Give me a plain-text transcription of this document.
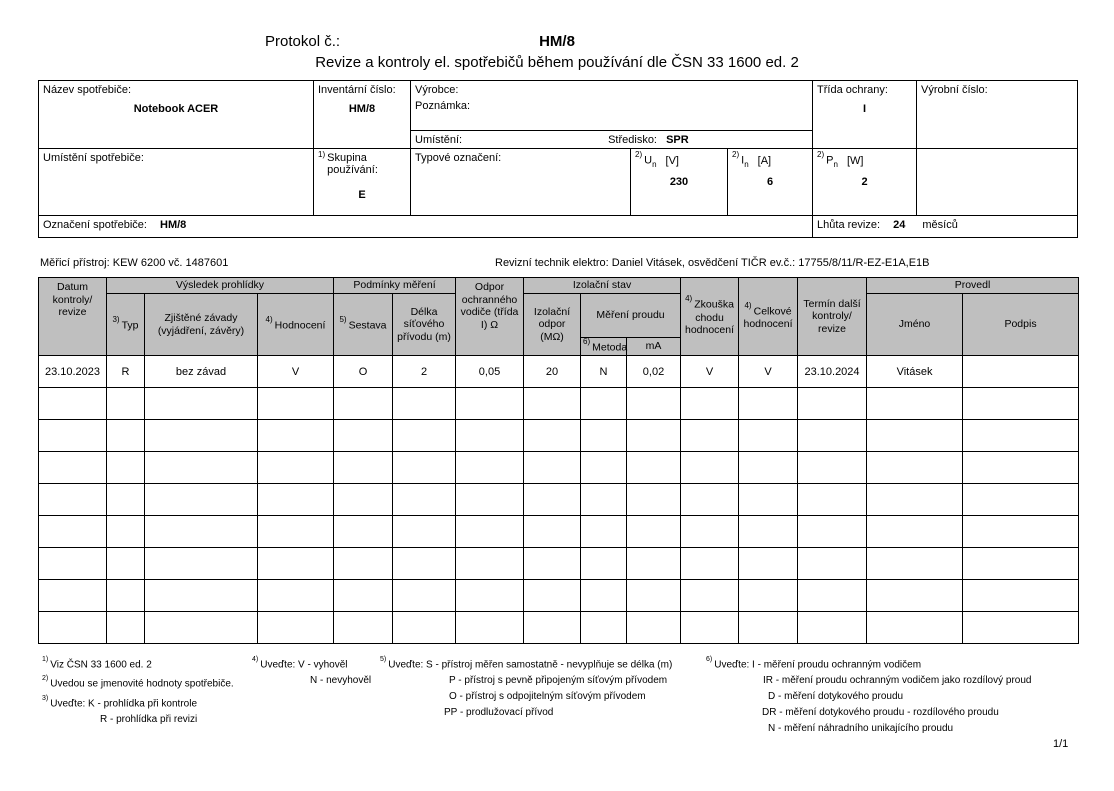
Protokol č.:	HM/8
Revize a kontroly el. spotřebičů během používání dle ČSN 33 1600 ed. 2
Název spotřebiče:
Notebook ACER

Inventární číslo:
HM/8

Výrobce:
Poznámka:
Umístění:	Středisko: SPR

Třída ochrany:
I

Výrobní číslo:

Umístění spotřebiče:	$^{1)}$ Skupina používání:
E

Typové označení:	$^{2)}U_n$ [V]
230

$^{2)}I_n$ [A]
6

$^{2)}P_n$ [W]
2

Označení spotřebiče: HM/8					Lhůta revize: 24 měsíců	
Měřicí přístroj: KEW 6200 vč. 1487601	Revizní technik elektro: Daniel Vitásek, osvědčení TIČR ev.č.: 17755/8/11/R-EZ-E1A,E1B
Datum kontroly/ revize	Výsledek prohlídky			Podmínky měření		Odpor ochranného vodiče (třída I) Ω	Izolační stav			$^{4)}$ Zkouška chodu hodnocení	$^{4)}$ Celkové hodnocení	Termín další kontroly/ revize	Provedl	
	$^{3)}$ Typ	Zjištěné závady (vyjádření, závěry)	$^{4)}$ Hodnocení	$^{5)}$ Sestava	Délka síťového přívodu (m)		Izolační odpor (MΩ)	Měření proudu					Jméno	Podpis
								$^{6)}$ Metoda	mA					
23.10.2023	R	bez závad	V	O	2	0,05	20	N	0,02	V	V	23.10.2024	Vitásek	

$^{1)}$ Viz ČSN 33 1600 ed. 2
$^{2)}$ Uvedou se jmenovité hodnoty spotřebiče.
$^{3)}$ Uveďte: K - prohlídka při kontrole
R - prohlídka při revizi
$^{4)}$ Uveďte: V - vyhověl
N - nevyhověl
$^{5)}$ Uveďte: S - přístroj měřen samostatně - nevyplňuje se délka (m)
P - přístroj s pevně připojeným síťovým přívodem
O - přístroj s odpojitelným síťovým přívodem
PP - prodlužovací přívod
$^{6)}$ Uveďte: I - měření proudu ochranným vodičem
IR - měření proudu ochranným vodičem jako rozdílový proud
D - měření dotykového proudu
DR - měření dotykového proudu - rozdílového proudu
N - měření náhradního unikajícího proudu
1/1
